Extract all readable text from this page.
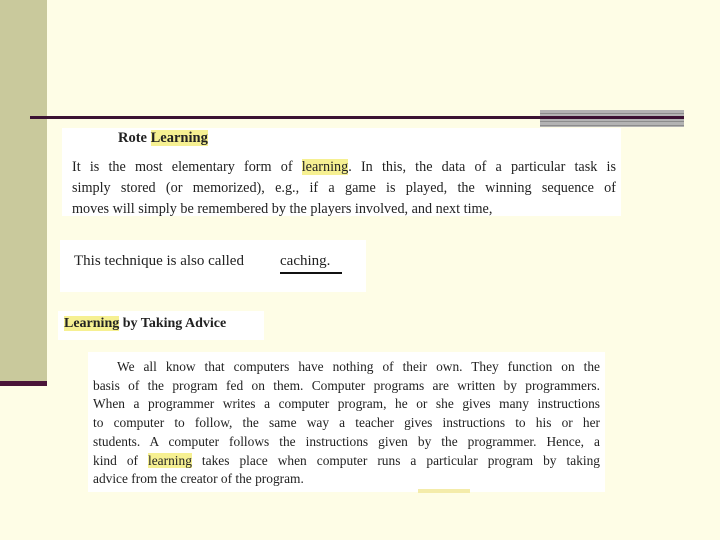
Rote Learning
It is the most elementary form of learning. In this, the data of a particular task is
simply stored (or memorized), e.g., if a game is played, the winning sequence of
moves will simply be remembered by the players involved, and next time,
This technique is also called caching.
Learning by Taking Advice
We all know that computers have nothing of their own. They function on the
basis of the program fed on them. Computer programs are written by programmers.
When a programmer writes a computer program, he or she gives many instructions
to computer to follow, the same way a teacher gives instructions to his or her
students. A computer follows the instructions given by the programmer. Hence, a
kind of learning takes place when computer runs a particular program by taking
advice from the creator of the program.
